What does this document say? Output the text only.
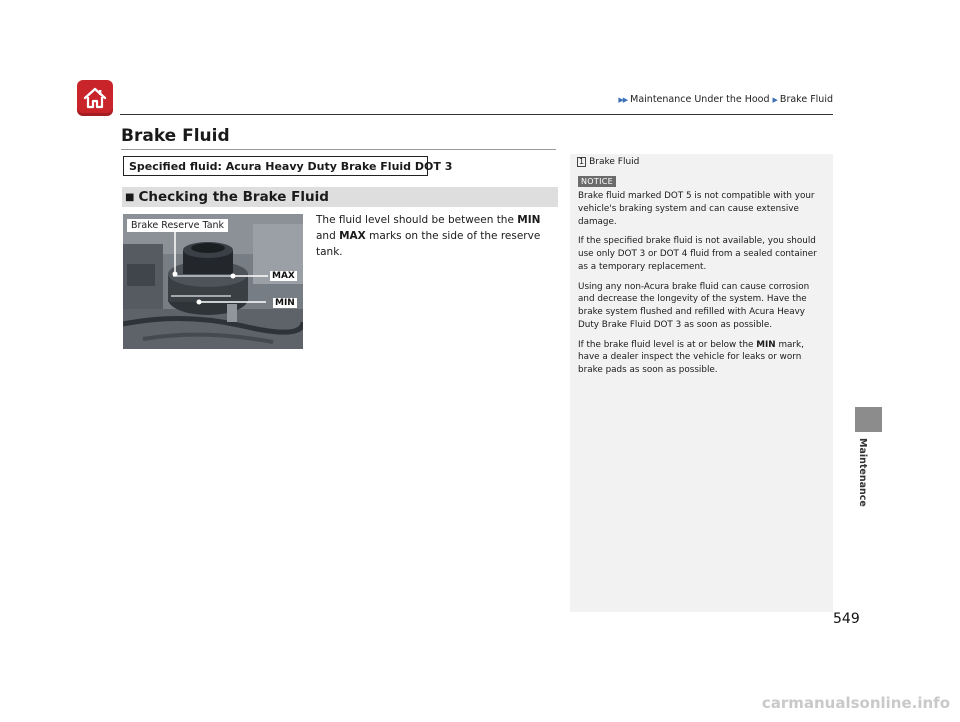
▶▶ Maintenance Under the Hood ▶ Brake Fluid
Brake Fluid
Specified fluid: Acura Heavy Duty Brake Fluid DOT 3
■ Checking the Brake Fluid
Brake Reserve Tank
MAX
MIN
The fluid level should be between the MIN
and MAX marks on the side of the reserve tank.
1 Brake Fluid
NOTICE

Brake fluid marked DOT 5 is not compatible with your vehicle's braking system and can cause extensive damage.

If the specified brake fluid is not available, you should use only DOT 3 or DOT 4 fluid from a sealed container as a temporary replacement.

Using any non-Acura brake fluid can cause corrosion and decrease the longevity of the system. Have the brake system flushed and refilled with Acura Heavy Duty Brake Fluid DOT 3 as soon as possible.

If the brake fluid level is at or below the MIN mark, have a dealer inspect the vehicle for leaks or worn brake pads as soon as possible.

Maintenance
549
carmanualsonline.info
